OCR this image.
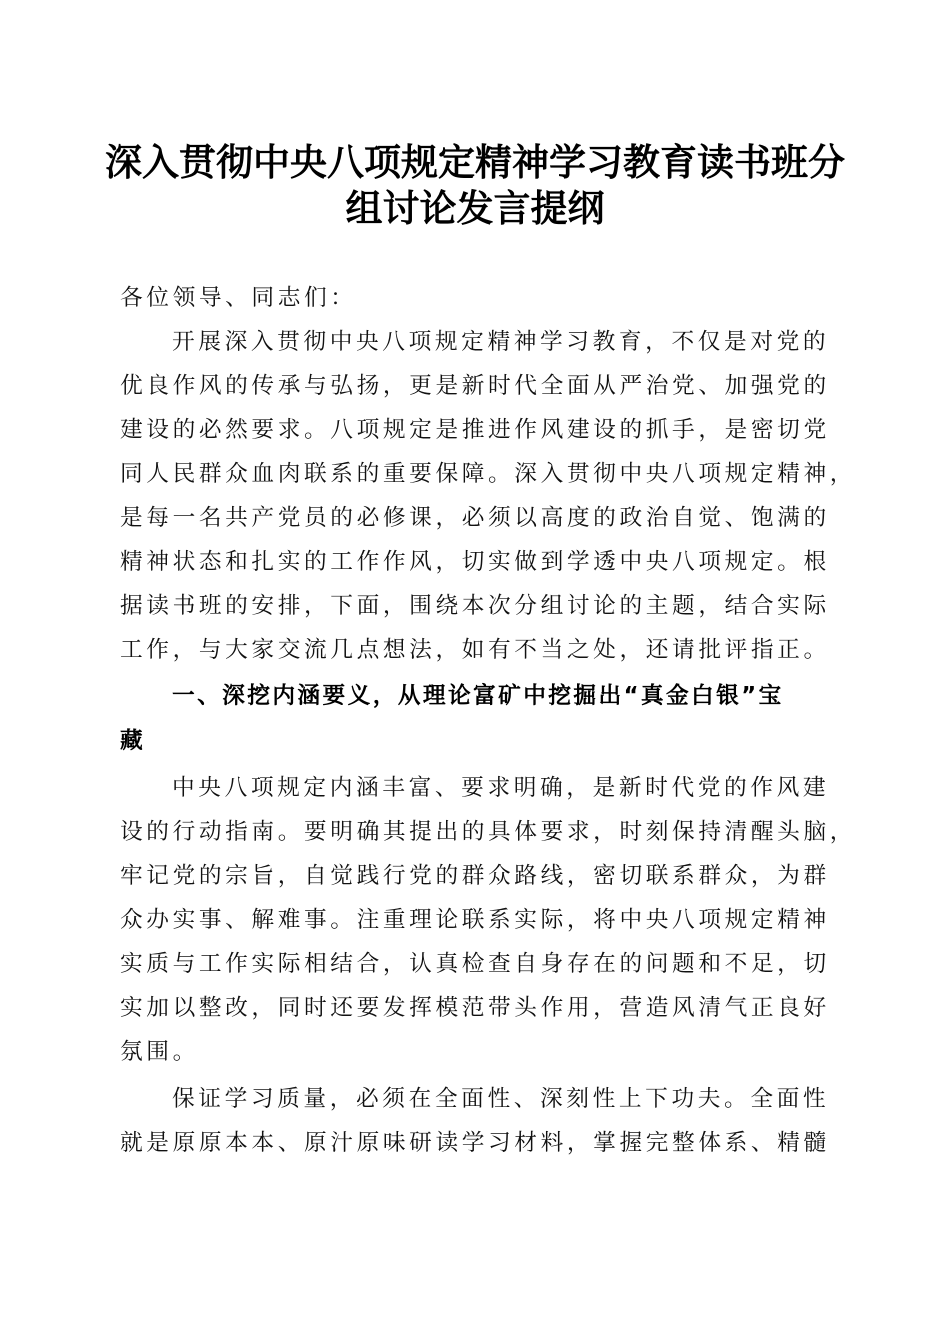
深入贯彻中央八项规定精神学习教育读书班分
组讨论发言提纲
各位领导、同志们：
开展深入贯彻中央八项规定精神学习教育，不仅是对党的
优良作风的传承与弘扬，更是新时代全面从严治党、加强党的
建设的必然要求。八项规定是推进作风建设的抓手，是密切党
同人民群众血肉联系的重要保障。深入贯彻中央八项规定精神，
是每一名共产党员的必修课，必须以高度的政治自觉、饱满的
精神状态和扎实的工作作风，切实做到学透中央八项规定。根
据读书班的安排，下面，围绕本次分组讨论的主题，结合实际
工作，与大家交流几点想法，如有不当之处，还请批评指正。
一、深挖内涵要义，从理论富矿中挖掘出“真金白银”宝
藏
中央八项规定内涵丰富、要求明确，是新时代党的作风建
设的行动指南。要明确其提出的具体要求，时刻保持清醒头脑，
牢记党的宗旨，自觉践行党的群众路线，密切联系群众，为群
众办实事、解难事。注重理论联系实际，将中央八项规定精神
实质与工作实际相结合，认真检查自身存在的问题和不足，切
实加以整改，同时还要发挥模范带头作用，营造风清气正良好
氛围。
保证学习质量，必须在全面性、深刻性上下功夫。全面性
就是原原本本、原汁原味研读学习材料，掌握完整体系、精髓
